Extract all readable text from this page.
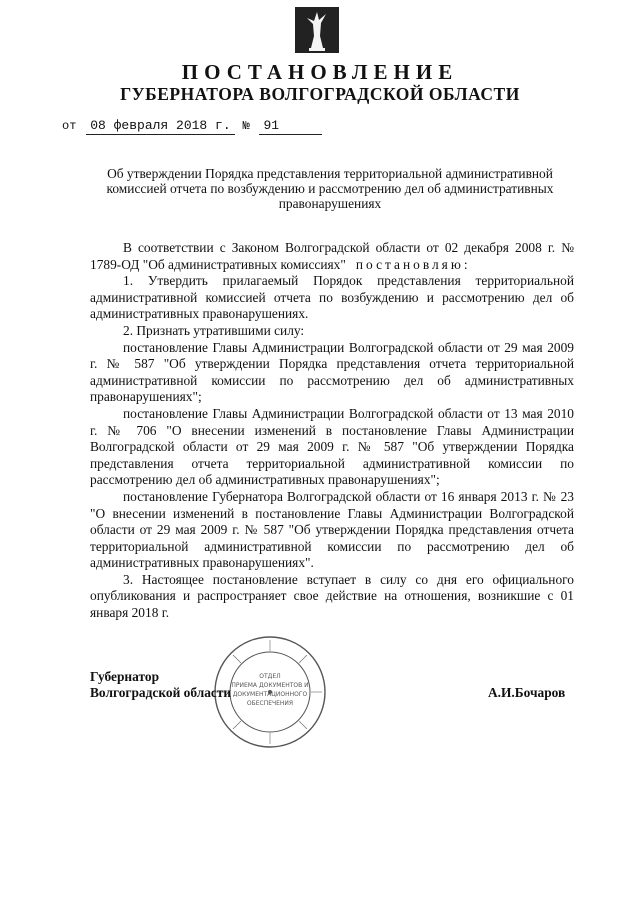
ПОСТАНОВЛЕНИЕ
ГУБЕРНАТОРА ВОЛГОГРАДСКОЙ ОБЛАСТИ
от 08 февраля 2018 г. № 91
Об утверждении Порядка представления территориальной административной комиссией отчета по возбуждению и рассмотрению дел об административных правонарушениях

В соответствии с Законом Волгоградской области от 02 декабря 2008 г. № 1789-ОД "Об административных комиссиях" постановляю:

1. Утвердить прилагаемый Порядок представления территориальной административной комиссией отчета по возбуждению и рассмотрению дел об административных правонарушениях.

2. Признать утратившими силу:

постановление Главы Администрации Волгоградской области от 29 мая 2009 г. № 587 "Об утверждении Порядка представления отчета территориальной административной комиссии по рассмотрению дел об административных правонарушениях";

постановление Главы Администрации Волгоградской области от 13 мая 2010 г. № 706 "О внесении изменений в постановление Главы Администрации Волгоградской области от 29 мая 2009 г. № 587 "Об утверждении Порядка представления отчета территориальной административной комиссии по рассмотрению дел об административных правонарушениях";

постановление Губернатора Волгоградской области от 16 января 2013 г. № 23 "О внесении изменений в постановление Главы Администрации Волгоградской области от 29 мая 2009 г. № 587 "Об утверждении Порядка представления отчета территориальной административной комиссии по рассмотрению дел об административных правонарушениях".

3. Настоящее постановление вступает в силу со дня его официального опубликования и распространяет свое действие на отношения, возникшие с 01 января 2018 г.

ОТДЕЛ
ПРИЕМА ДОКУМЕНТОВ И
ДОКУМЕНТАЦИОННОГО
ОБЕСПЕЧЕНИЯ
Губернатор
Волгоградской области	А.И.Бочаров
